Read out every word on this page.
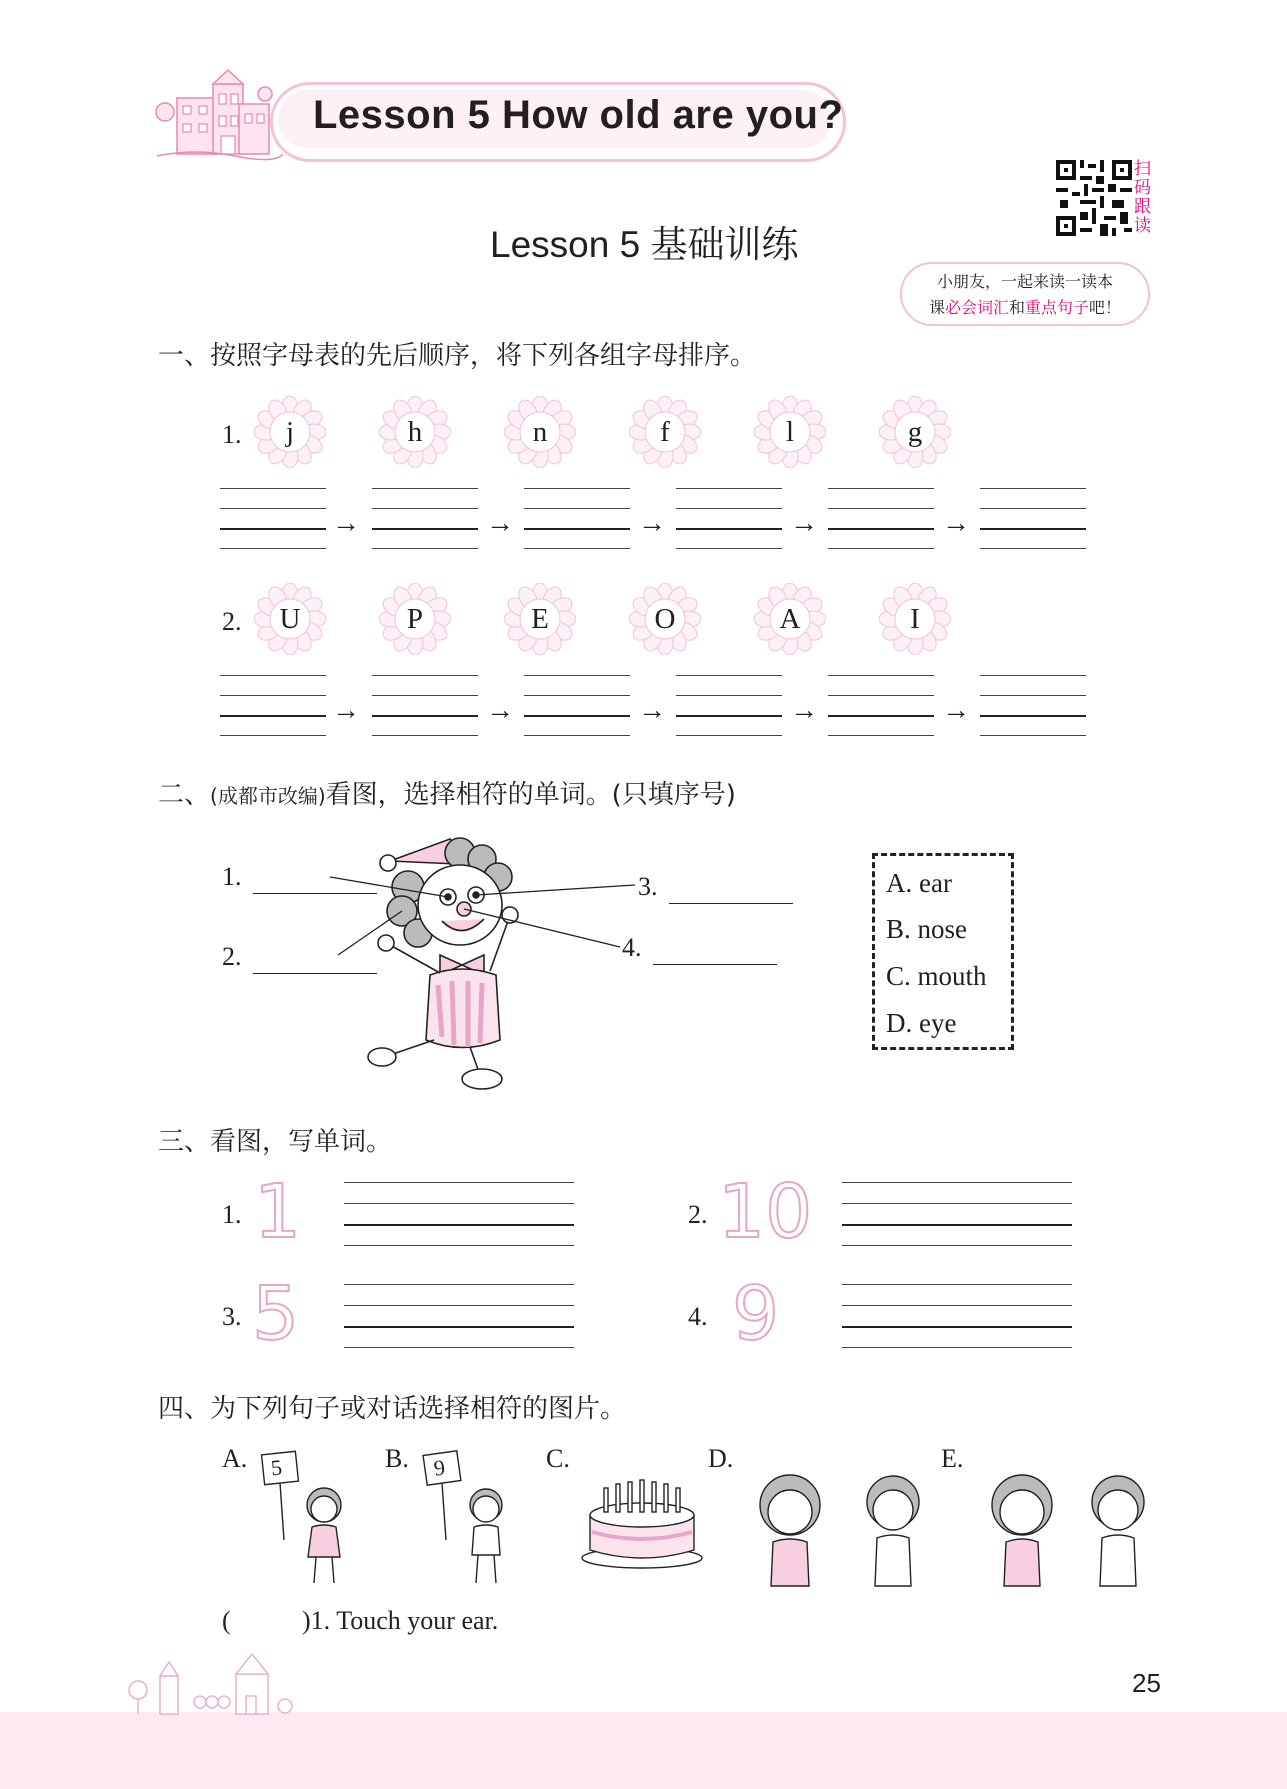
Lesson 5 How old are you?
扫码跟读
Lesson 5 基础训练
小朋友，一起来读一读本
课必会词汇和重点句子吧！
一、按照字母表的先后顺序，将下列各组字母排序。
1.	j	h	n	f	l	g
→	→	→	→	→
2.	U	P	E	O	A	I
→	→	→	→	→
二、(成都市改编)看图，选择相符的单词。(只填序号)
1.
2.
3.
4.
A. ear
B. nose
C. mouth
D. eye
三、看图，写单词。
1. 1	2. 10
3. 5	4. 9
四、为下列句子或对话选择相符的图片。
A.	B.	C.	D.	E.
5	9
(	)1. Touch your ear.
25
